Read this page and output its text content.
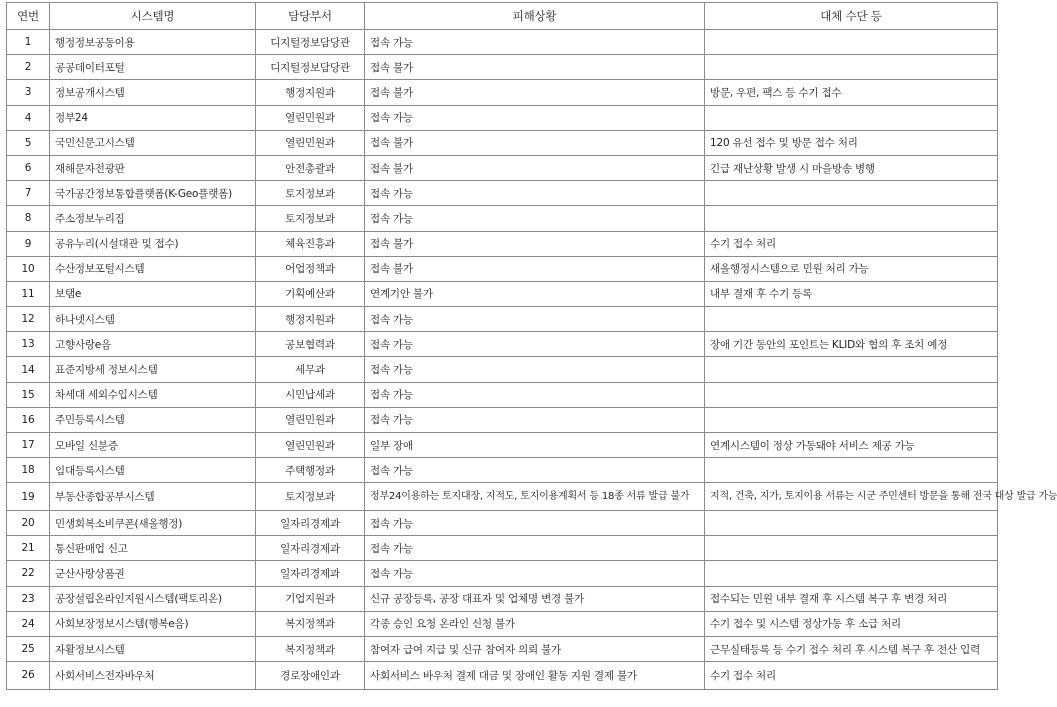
연번	시스템명	담당부서	피해상황	대체 수단 등
1	행정정보공동이용	디지털정보담당관	접속 가능	
2	공공데이터포털	디지털정보담당관	접속 불가	
3	정보공개시스템	행정지원과	접속 불가	방문, 우편, 팩스 등 수기 접수
4	정부24	열린민원과	접속 가능	
5	국민신문고시스템	열린민원과	접속 불가	120 유선 접수 및 방문 접수 처리
6	재해문자전광판	안전총괄과	접속 불가	긴급 재난상황 발생 시 마을방송 병행
7	국가공간정보통합플랫폼(K-Geo플랫폼)	토지정보과	접속 가능	
8	주소정보누리집	토지정보과	접속 가능	
9	공유누리(시설대관 및 접수)	체육진흥과	접속 불가	수기 접수 처리
10	수산정보포털시스템	어업정책과	접속 불가	새올행정시스템으로 민원 처리 가능
11	보탬e	기획예산과	연계기안 불가	내부 결재 후 수기 등록
12	하나넷시스템	행정지원과	접속 가능	
13	고향사랑e음	공보협력과	접속 가능	장애 기간 동안의 포인트는 KLID와 협의 후 조치 예정
14	표준지방세 정보시스템	세무과	접속 가능	
15	차세대 세외수입시스템	시민납세과	접속 가능	
16	주민등록시스템	열린민원과	접속 가능	
17	모바일 신분증	열린민원과	일부 장애	연계시스템이 정상 가동돼야 서비스 제공 가능
18	임대등록시스템	주택행정과	접속 가능	
19	부동산종합공부시스템	토지정보과	정부24이용하는 토지대장, 지적도, 토지이용계획서 등 18종 서류 발급 불가	지적, 건축, 지가, 토지이용 서류는 시군 주민센터 방문을 통해 전국 대상 발급 가능
20	민생회복소비쿠폰(새올행정)	일자리경제과	접속 가능	
21	통신판매업 신고	일자리경제과	접속 가능	
22	군산사랑상품권	일자리경제과	접속 가능	
23	공장설립온라인지원시스템(팩토리온)	기업지원과	신규 공장등록, 공장 대표자 및 업체명 변경 불가	접수되는 민원 내부 결재 후 시스템 복구 후 변경 처리
24	사회보장정보시스템(행복e음)	복지정책과	각종 승인 요청 온라인 신청 불가	수기 접수 및 시스템 정상가동 후 소급 처리
25	자활정보시스템	복지정책과	참여자 급여 지급 및 신규 참여자 의뢰 불가	근무실태등록 등 수기 접수 처리 후 시스템 복구 후 전산 입력
26	사회서비스전자바우처	경로장애인과	사회서비스 바우처 결제 대금 및 장애인 활동 지원 결제 불가	수기 접수 처리
